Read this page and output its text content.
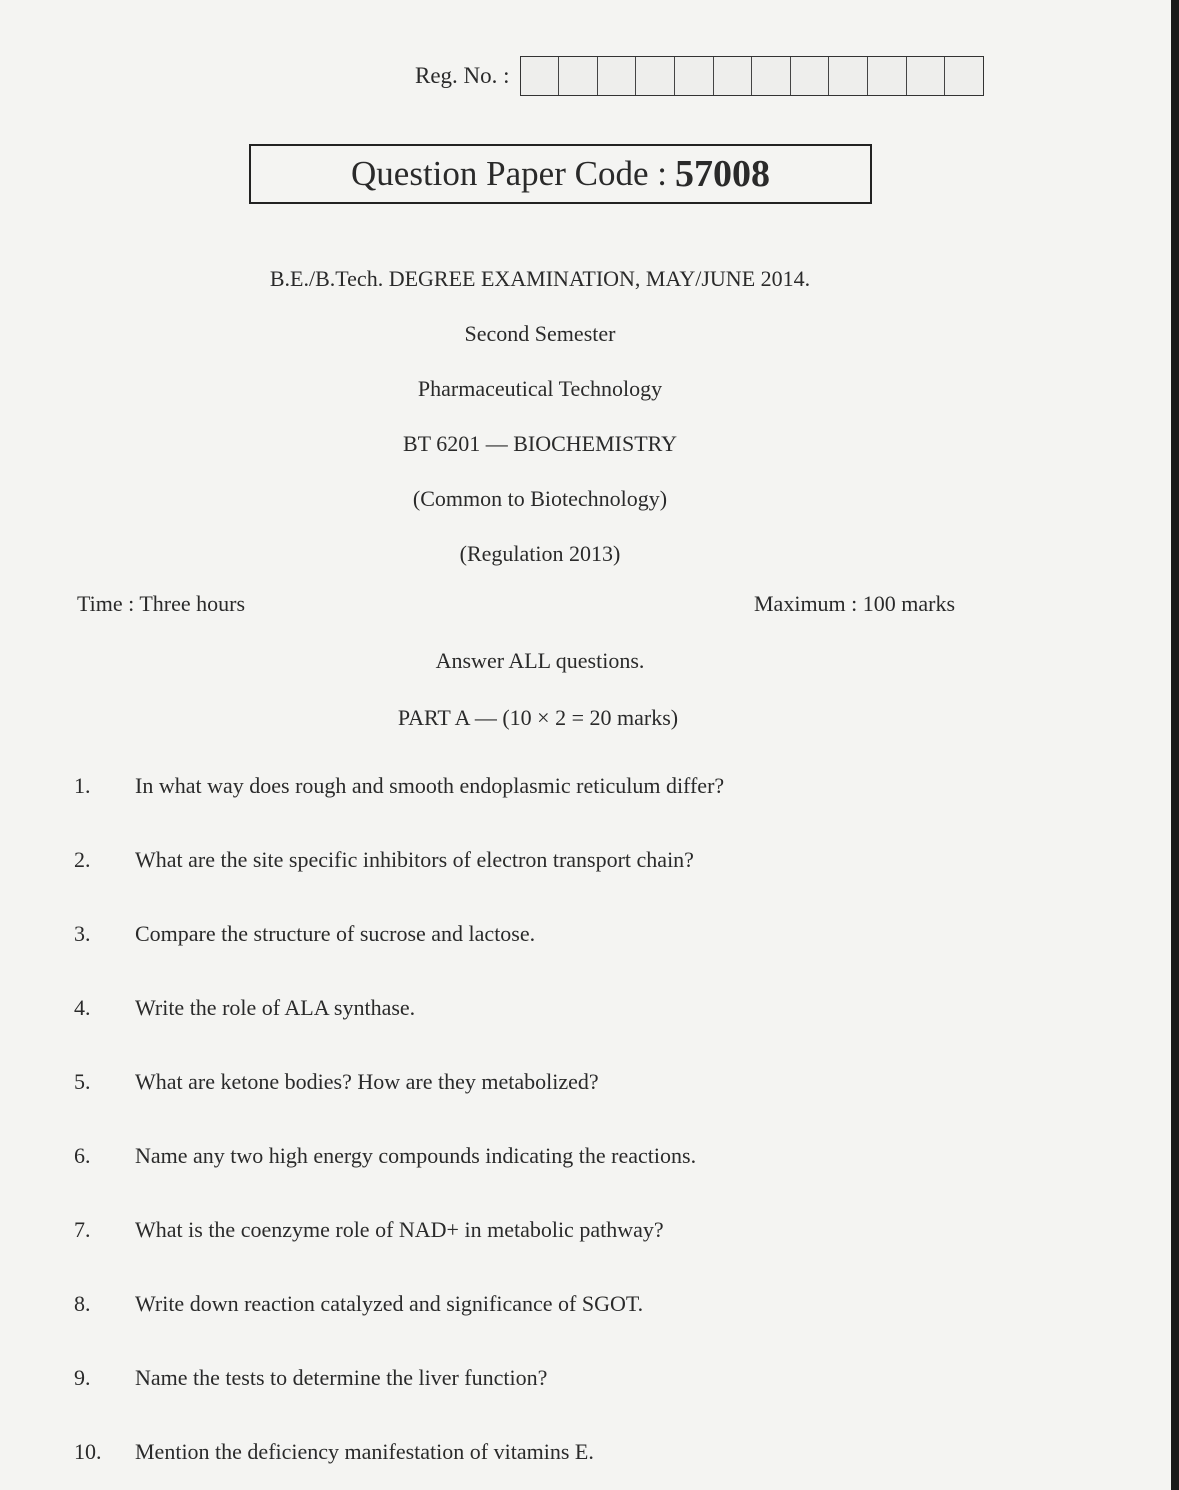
Reg. No. :
Question Paper Code : 57008
B.E./B.Tech. DEGREE EXAMINATION, MAY/JUNE 2014.
Second Semester
Pharmaceutical Technology
BT 6201 — BIOCHEMISTRY
(Common to Biotechnology)
(Regulation 2013)
Time : Three hours	Maximum : 100 marks
Answer ALL questions.
PART A — (10 × 2 = 20 marks)
1. In what way does rough and smooth endoplasmic reticulum differ?
2. What are the site specific inhibitors of electron transport chain?
3. Compare the structure of sucrose and lactose.
4. Write the role of ALA synthase.
5. What are ketone bodies? How are they metabolized?
6. Name any two high energy compounds indicating the reactions.
7. What is the coenzyme role of NAD+ in metabolic pathway?
8. Write down reaction catalyzed and significance of SGOT.
9. Name the tests to determine the liver function?
10. Mention the deficiency manifestation of vitamins E.
